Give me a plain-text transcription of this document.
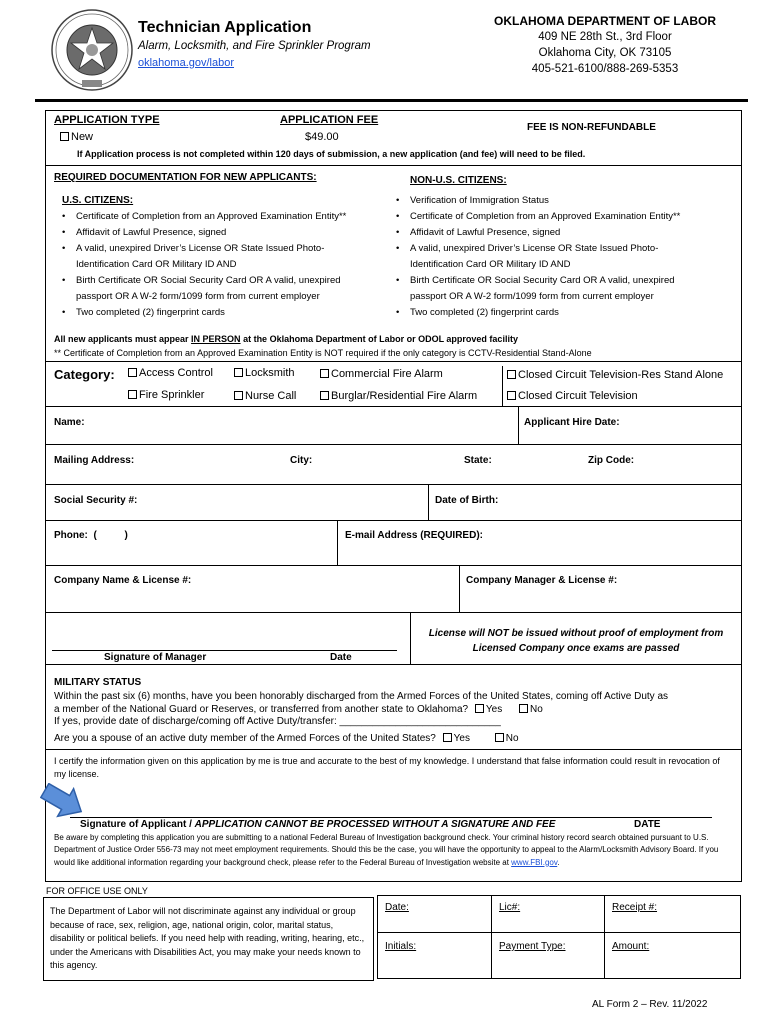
Technician Application
Alarm, Locksmith, and Fire Sprinkler Program
oklahoma.gov/labor
OKLAHOMA DEPARTMENT OF LABOR
409 NE 28th St., 3rd Floor
Oklahoma City, OK 73105
405-521-6100/888-269-5353
APPLICATION TYPE
New
APPLICATION FEE
$49.00
FEE IS NON-REFUNDABLE
If Application process is not completed within 120 days of submission, a new application (and fee) will need to be filed.
REQUIRED DOCUMENTATION FOR NEW APPLICANTS:	NON-U.S. CITIZENS:
U.S. CITIZENS:
• Certificate of Completion from an Approved Examination Entity**
• Affidavit of Lawful Presence, signed
• A valid, unexpired Driver’s License OR State Issued Photo-
Identification Card OR Military ID AND
• Birth Certificate OR Social Security Card OR A valid, unexpired
passport OR A W-2 form/1099 form from current employer
• Two completed (2) fingerprint cards
• Verification of Immigration Status
• Certificate of Completion from an Approved Examination Entity**
• Affidavit of Lawful Presence, signed
• A valid, unexpired Driver’s License OR State Issued Photo-
Identification Card OR Military ID AND
• Birth Certificate OR Social Security Card OR A valid, unexpired
passport OR A W-2 form/1099 form from current employer
• Two completed (2) fingerprint cards
All new applicants must appear IN PERSON at the Oklahoma Department of Labor or ODOL approved facility
** Certificate of Completion from an Approved Examination Entity is NOT required if the only category is CCTV-Residential Stand-Alone
Category:	Access Control	Locksmith	Commercial Fire Alarm	Closed Circuit Television-Res Stand Alone
Fire Sprinkler	Nurse Call	Burglar/Residential Fire Alarm	Closed Circuit Television
Name:	Applicant Hire Date:
Mailing Address:	City:	State:	Zip Code:
Social Security #:	Date of Birth:
Phone:  (          )	E-mail Address (REQUIRED):
Company Name & License #:	Company Manager & License #:
Signature of Manager	Date
License will NOT be issued without proof of employment from Licensed Company once exams are passed
MILITARY STATUS
Within the past six (6) months, have you been honorably discharged from the Armed Forces of the United States, coming off Active Duty as
a member of the National Guard or Reserves, or transferred from another state to Oklahoma? Yes	No
If yes, provide date of discharge/coming off Active Duty/transfer: _____________________________
Are you a spouse of an active duty member of the Armed Forces of the United States? Yes	No
I certify the information given on this application by me is true and accurate to the best of my knowledge. I understand that false information could result in revocation of my license.
Signature of Applicant / APPLICATION CANNOT BE PROCESSED WITHOUT A SIGNATURE AND FEE	DATE
Be aware by completing this application you are submitting to a national Federal Bureau of Investigation background check. Your criminal history record search obtained pursuant to U.S. Department of Justice Order 556-73 may not meet employment requirements. Should this be the case, you will have the opportunity to appeal to the Alarm/Locksmith Advisory Board. If you would like additional information regarding your background check, please refer to the Federal Bureau of Investigation website at www.FBI.gov.
FOR OFFICE USE ONLY
The Department of Labor will not discriminate against any individual or group because of race, sex, religion, age, national origin, color, marital status, disability or political beliefs. If you need help with reading, writing, hearing, etc., under the Americans with Disabilities Act, you may make your needs known to this agency.
Date:	Lic#:	Receipt #:
Initials:	Payment Type:	Amount:
AL Form 2 – Rev. 11/2022
